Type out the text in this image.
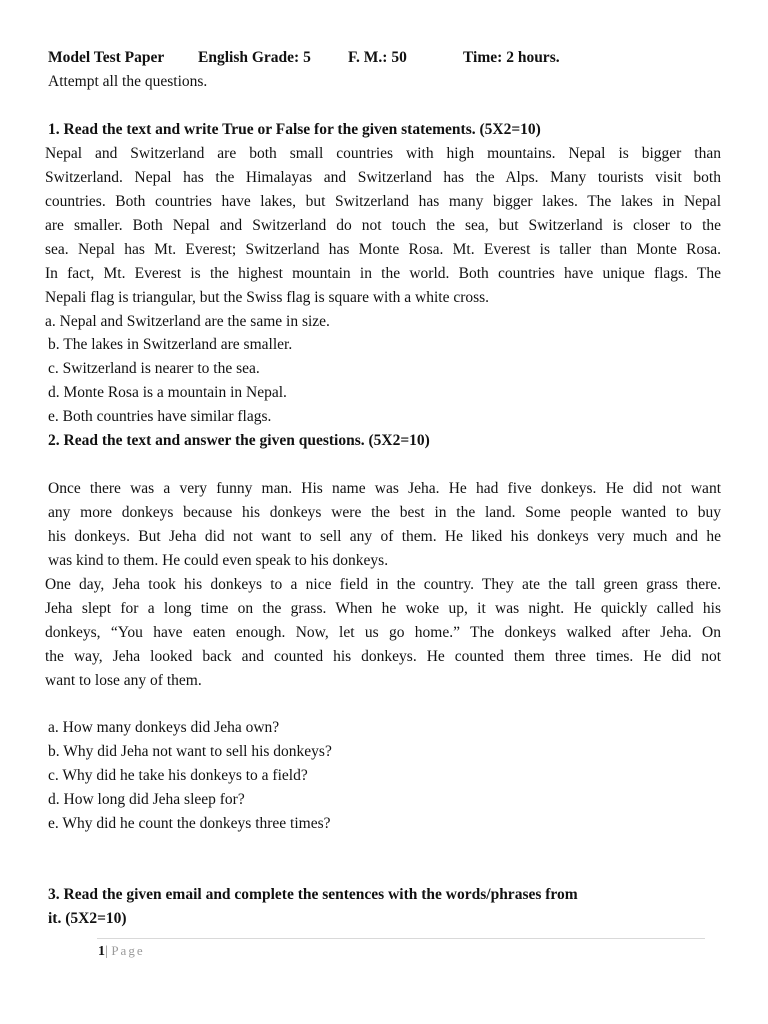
Model Test Paper English Grade: 5 F. M.: 50	Time: 2 hours.
Attempt all the questions.
1. Read the text and write True or False for the given statements. (5X2=10)
Nepal and Switzerland are both small countries with high mountains. Nepal is bigger than
Switzerland. Nepal has the Himalayas and Switzerland has the Alps. Many tourists visit both
countries. Both countries have lakes, but Switzerland has many bigger lakes. The lakes in Nepal
are smaller. Both Nepal and Switzerland do not touch the sea, but Switzerland is closer to the
sea. Nepal has Mt. Everest; Switzerland has Monte Rosa. Mt. Everest is taller than Monte Rosa.
In fact, Mt. Everest is the highest mountain in the world. Both countries have unique flags. The
Nepali flag is triangular, but the Swiss flag is square with a white cross.
a. Nepal and Switzerland are the same in size.
b. The lakes in Switzerland are smaller.
c. Switzerland is nearer to the sea.
d. Monte Rosa is a mountain in Nepal.
e. Both countries have similar flags.
2. Read the text and answer the given questions. (5X2=10)
Once there was a very funny man. His name was Jeha. He had five donkeys. He did not want
any more donkeys because his donkeys were the best in the land. Some people wanted to buy
his donkeys. But Jeha did not want to sell any of them. He liked his donkeys very much and he
was kind to them. He could even speak to his donkeys.
One day, Jeha took his donkeys to a nice field in the country. They ate the tall green grass there.
Jeha slept for a long time on the grass. When he woke up, it was night. He quickly called his
donkeys, “You have eaten enough. Now, let us go home.” The donkeys walked after Jeha. On
the way, Jeha looked back and counted his donkeys. He counted them three times. He did not
want to lose any of them.
a. How many donkeys did Jeha own?
b. Why did Jeha not want to sell his donkeys?
c. Why did he take his donkeys to a field?
d. How long did Jeha sleep for?
e. Why did he count the donkeys three times?
3. Read the given email and complete the sentences with the words/phrases from
it. (5X2=10)
1| Page
